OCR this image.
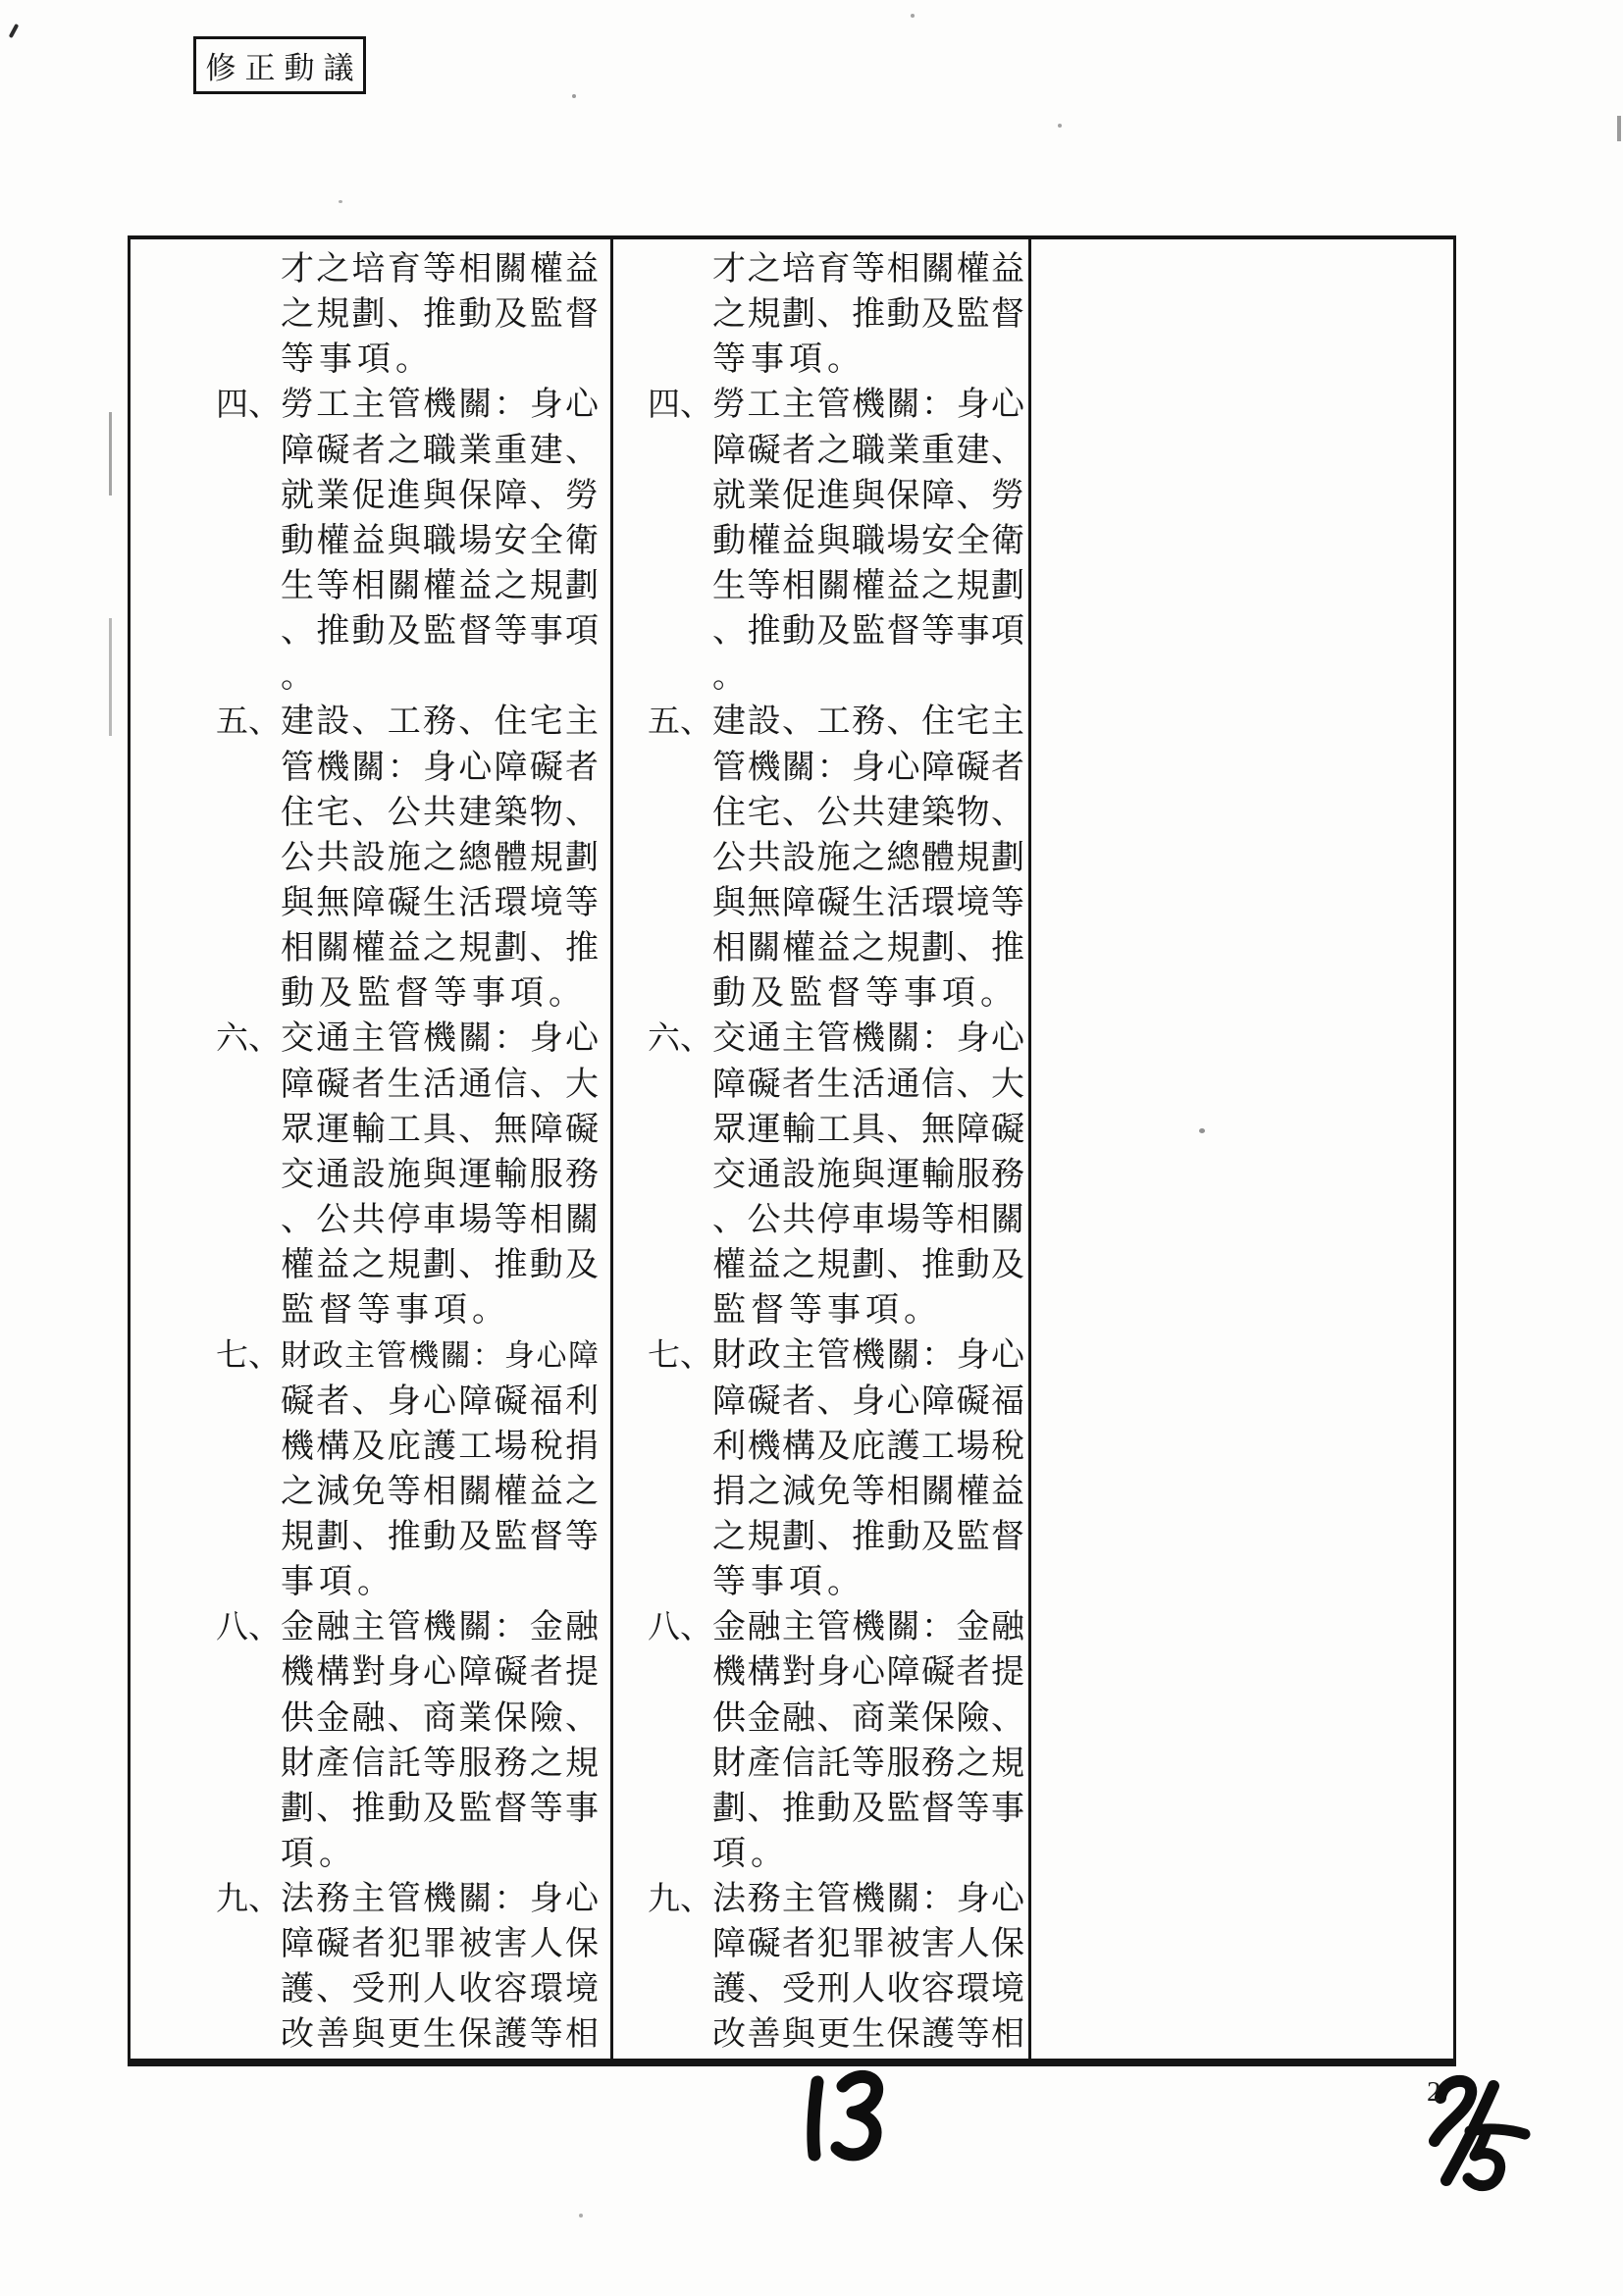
修正動議
才之培育等相關權益
之規劃、推動及監督
等事項。
四、勞工主管機關：身心
障礙者之職業重建、
就業促進與保障、勞
動權益與職場安全衛
生等相關權益之規劃
、推動及監督等事項
。
五、建設、工務、住宅主
管機關：身心障礙者
住宅、公共建築物、
公共設施之總體規劃
與無障礙生活環境等
相關權益之規劃、推
動及監督等事項。
六、交通主管機關：身心
障礙者生活通信、大
眾運輸工具、無障礙
交通設施與運輸服務
、公共停車場等相關
權益之規劃、推動及
監督等事項。
七、財政主管機關：身心障
礙者、身心障礙福利
機構及庇護工場稅捐
之減免等相關權益之
規劃、推動及監督等
事項。
八、金融主管機關：金融
機構對身心障礙者提
供金融、商業保險、
財產信託等服務之規
劃、推動及監督等事
項。
九、法務主管機關：身心
障礙者犯罪被害人保
護、受刑人收容環境
改善與更生保護等相
才之培育等相關權益
之規劃、推動及監督
等事項。
四、勞工主管機關：身心
障礙者之職業重建、
就業促進與保障、勞
動權益與職場安全衛
生等相關權益之規劃
、推動及監督等事項
。
五、建設、工務、住宅主
管機關：身心障礙者
住宅、公共建築物、
公共設施之總體規劃
與無障礙生活環境等
相關權益之規劃、推
動及監督等事項。
六、交通主管機關：身心
障礙者生活通信、大
眾運輸工具、無障礙
交通設施與運輸服務
、公共停車場等相關
權益之規劃、推動及
監督等事項。
七、財政主管機關：身心
障礙者、身心障礙福
利機構及庇護工場稅
捐之減免等相關權益
之規劃、推動及監督
等事項。
八、金融主管機關：金融
機構對身心障礙者提
供金融、商業保險、
財產信託等服務之規
劃、推動及監督等事
項。
九、法務主管機關：身心
障礙者犯罪被害人保
護、受刑人收容環境
改善與更生保護等相
2
